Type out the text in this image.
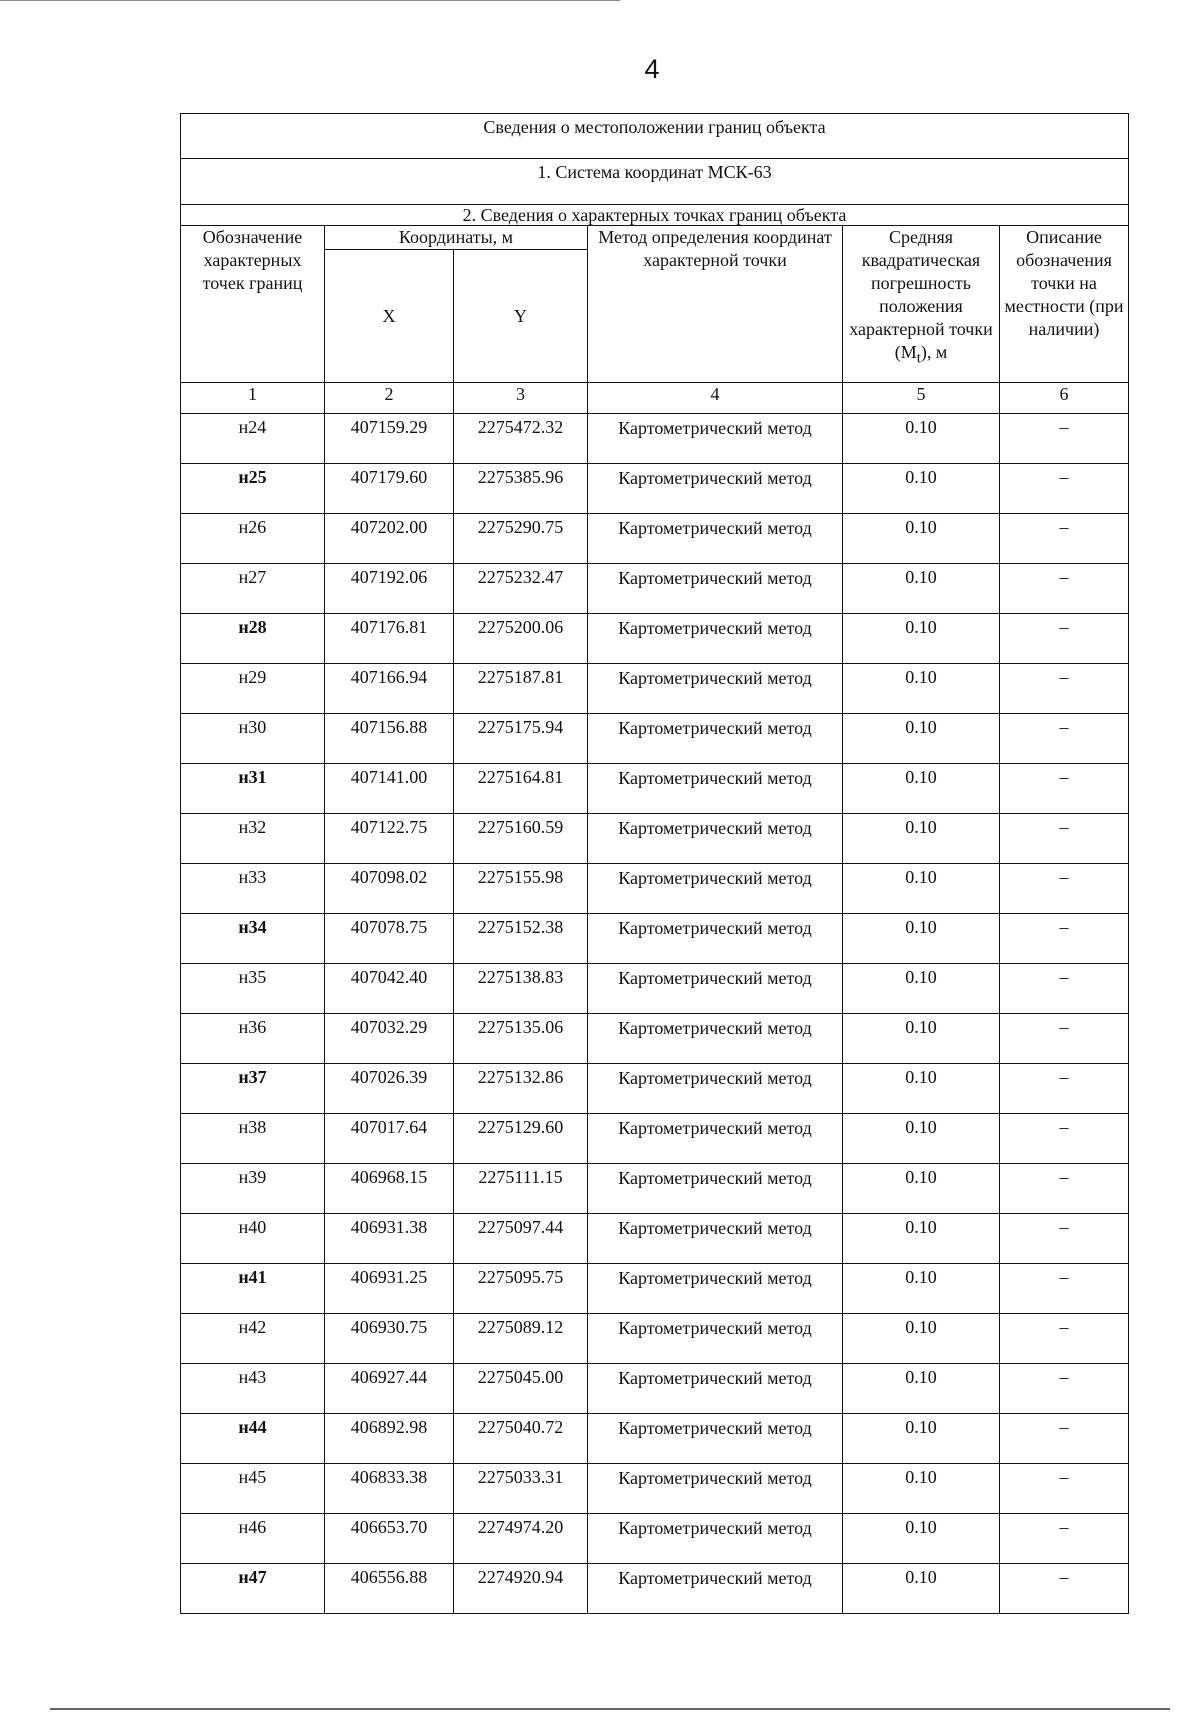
4
Сведения о местоположении границ объекта					
1. Система координат МСК-63					
2. Сведения о характерных точках границ объекта					
Обозначение характерных точек границ	Координаты, м		Метод определения координат характерной точки	Средняя квадратическая погрешность положения характерной точки $(M_t)$, м	Описание обозначения точки на местности (при наличии)
	X	Y			
1	2	3	4	5	6
н24	407159.29	2275472.32	Картометрический метод	0.10	–
н25	407179.60	2275385.96	Картометрический метод	0.10	–
н26	407202.00	2275290.75	Картометрический метод	0.10	–
н27	407192.06	2275232.47	Картометрический метод	0.10	–
н28	407176.81	2275200.06	Картометрический метод	0.10	–
н29	407166.94	2275187.81	Картометрический метод	0.10	–
н30	407156.88	2275175.94	Картометрический метод	0.10	–
н31	407141.00	2275164.81	Картометрический метод	0.10	–
н32	407122.75	2275160.59	Картометрический метод	0.10	–
н33	407098.02	2275155.98	Картометрический метод	0.10	–
н34	407078.75	2275152.38	Картометрический метод	0.10	–
н35	407042.40	2275138.83	Картометрический метод	0.10	–
н36	407032.29	2275135.06	Картометрический метод	0.10	–
н37	407026.39	2275132.86	Картометрический метод	0.10	–
н38	407017.64	2275129.60	Картометрический метод	0.10	–
н39	406968.15	2275111.15	Картометрический метод	0.10	–
н40	406931.38	2275097.44	Картометрический метод	0.10	–
н41	406931.25	2275095.75	Картометрический метод	0.10	–
н42	406930.75	2275089.12	Картометрический метод	0.10	–
н43	406927.44	2275045.00	Картометрический метод	0.10	–
н44	406892.98	2275040.72	Картометрический метод	0.10	–
н45	406833.38	2275033.31	Картометрический метод	0.10	–
н46	406653.70	2274974.20	Картометрический метод	0.10	–
н47	406556.88	2274920.94	Картометрический метод	0.10	–
